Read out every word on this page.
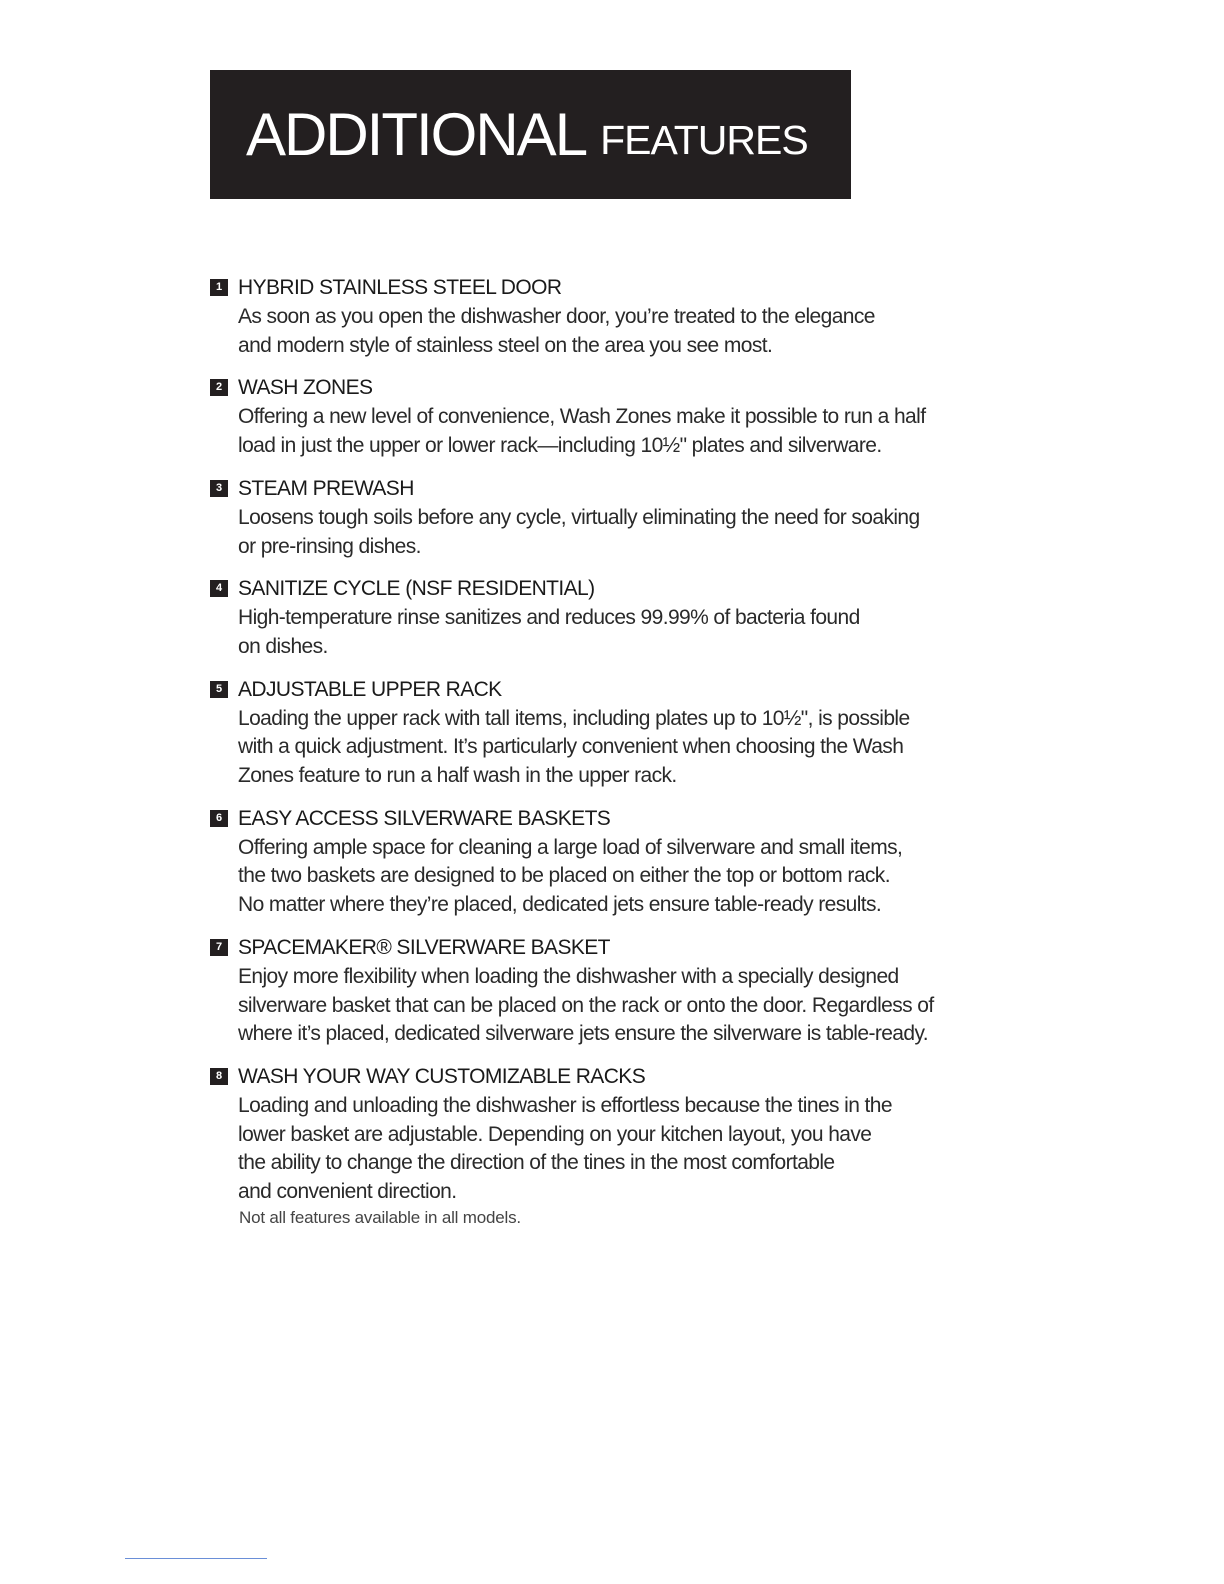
ADDITIONAL FEATURES
1 HYBRID STAINLESS STEEL DOOR
As soon as you open the dishwasher door, you’re treated to the elegance
and modern style of stainless steel on the area you see most.
2 WASH ZONES
Offering a new level of convenience, Wash Zones make it possible to run a half
load in just the upper or lower rack—including 10½" plates and silverware.
3 STEAM PREWASH
Loosens tough soils before any cycle, virtually eliminating the need for soaking
or pre-rinsing dishes.
4 SANITIZE CYCLE (NSF RESIDENTIAL)
High-temperature rinse sanitizes and reduces 99.99% of bacteria found
on dishes.
5 ADJUSTABLE UPPER RACK
Loading the upper rack with tall items, including plates up to 10½", is possible
with a quick adjustment. It’s particularly convenient when choosing the Wash
Zones feature to run a half wash in the upper rack.
6 EASY ACCESS SILVERWARE BASKETS
Offering ample space for cleaning a large load of silverware and small items,
the two baskets are designed to be placed on either the top or bottom rack.
No matter where they’re placed, dedicated jets ensure table-ready results.
7 SPACEMAKER® SILVERWARE BASKET
Enjoy more flexibility when loading the dishwasher with a specially designed
silverware basket that can be placed on the rack or onto the door. Regardless of
where it’s placed, dedicated silverware jets ensure the silverware is table-ready.
8 WASH YOUR WAY CUSTOMIZABLE RACKS
Loading and unloading the dishwasher is effortless because the tines in the
lower basket are adjustable. Depending on your kitchen layout, you have
the ability to change the direction of the tines in the most comfortable
and convenient direction.
Not all features available in all models.
